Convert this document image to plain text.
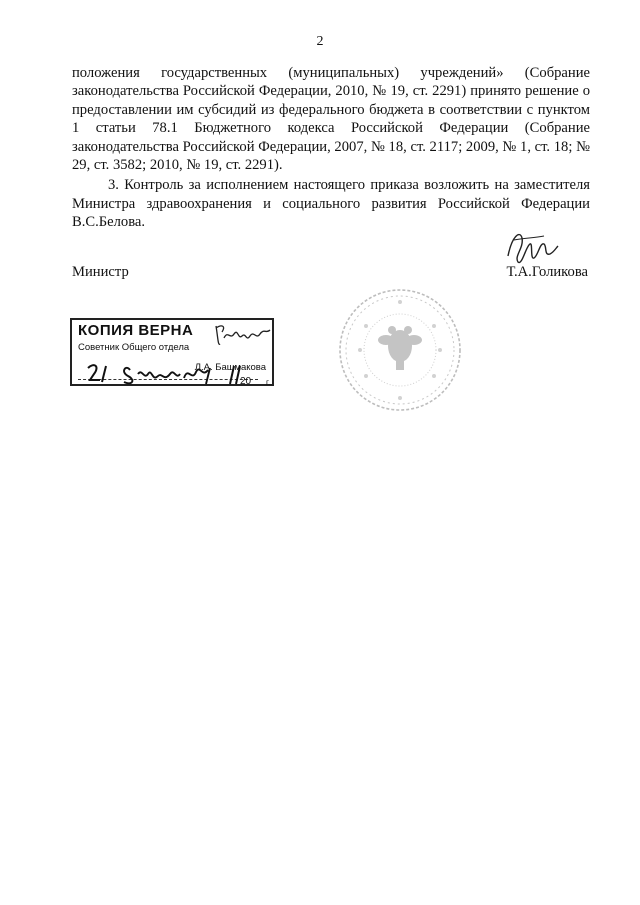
2

положения государственных (муниципальных) учреждений» (Собрание законодательства Российской Федерации, 2010, № 19, ст. 2291) принято решение о предоставлении им субсидий из федерального бюджета в соответствии с пунктом 1 статьи 78.1 Бюджетного кодекса Российской Федерации (Собрание законодательства Российской Федерации, 2007, № 18, ст. 2117; 2009, № 1, ст. 18; № 29, ст. 3582; 2010, № 19, ст. 2291).

3. Контроль за исполнением настоящего приказа возложить на заместителя Министра здравоохранения и социального развития Российской Федерации В.С.Белова.

Министр	Т.А.Голикова
КОПИЯ ВЕРНА
Советник Общего отдела
Л.А. Башмакова
20 г.
